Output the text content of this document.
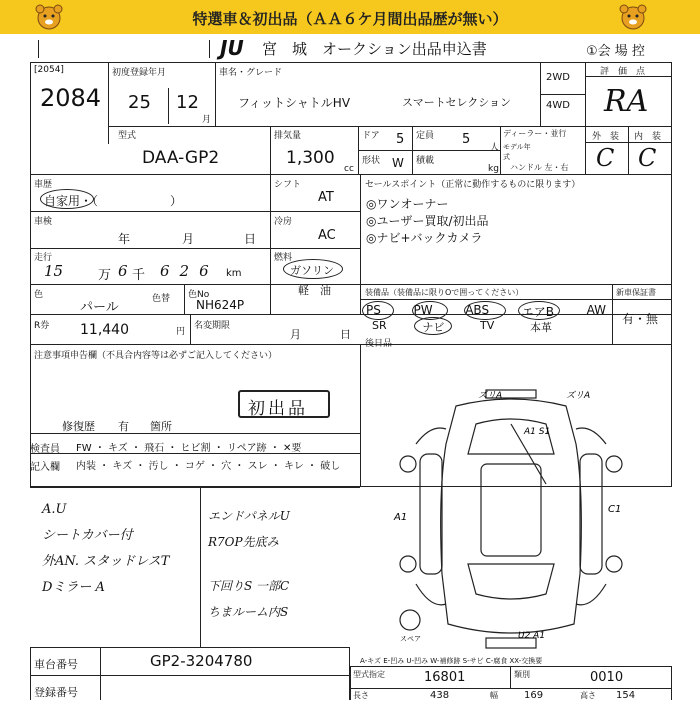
特選車＆初出品（ＡＡ６ケ月間出品歴が無い）
JU 宮　城　オークション出品申込書	①会 場 控
[2054]
2084
初度登録年月
25 12
月
車名・グレード
フィットシャトルHV	スマートセレクション
2WD
4WD
評　価　点
RA
型式
DAA-GP2
排気量
1,300
cc
ドア 5 定員 5
人
形状 W 積載
kg
ディーラー・並行
モデル年式
ハンドル 左・右
外　装 内　装
C C
車歴
自家用・（　　　　　　）
シフト
AT
車検
年	月	日
冷房
AC
走行
15	万 6 千 626 km
燃料
ガソリン
軽　油
色
パール
色替 色No
NH624P
R券 11,440	円
名変期限
月	日
セールスポイント（正常に動作するものに限ります）
◎ワンオーナー
◎ユーザー買取/初出品
◎ナビ+バックカメラ
装備品（装備品に限りOで囲ってください）	新車保証書
PS	PW	ABS	エアB	AW
SR	ナビ	TV	本革
有・無
後日品
注意事項申告欄（不具合内容等は必ずご記入してください）
初出品
修復歴 有 箇所
検査員 FW ・ キズ ・ 飛石 ・ ヒビ割 ・ リペア跡 ・ ✕要
記入欄 内装 ・ キズ ・ 汚し ・ コゲ ・ 穴 ・ スレ ・ キレ ・ 破し
A.U
シートカバー付
外AN. スタッドレスT
Dミラー A
エンドパネルU
R7OP先底み
下回りS 一部C
ちまルーム内S
ズリA	ズリA
A1 S1
A1
C1
U2 A1
スペア
A-キズ E-凹み U-凹み W-補修跡 S-サビ C-腐食 XX-交換要
車台番号	GP2-3204780
登録番号
型式指定	16801	類別	0010
長さ	438	幅	169	高さ 154
